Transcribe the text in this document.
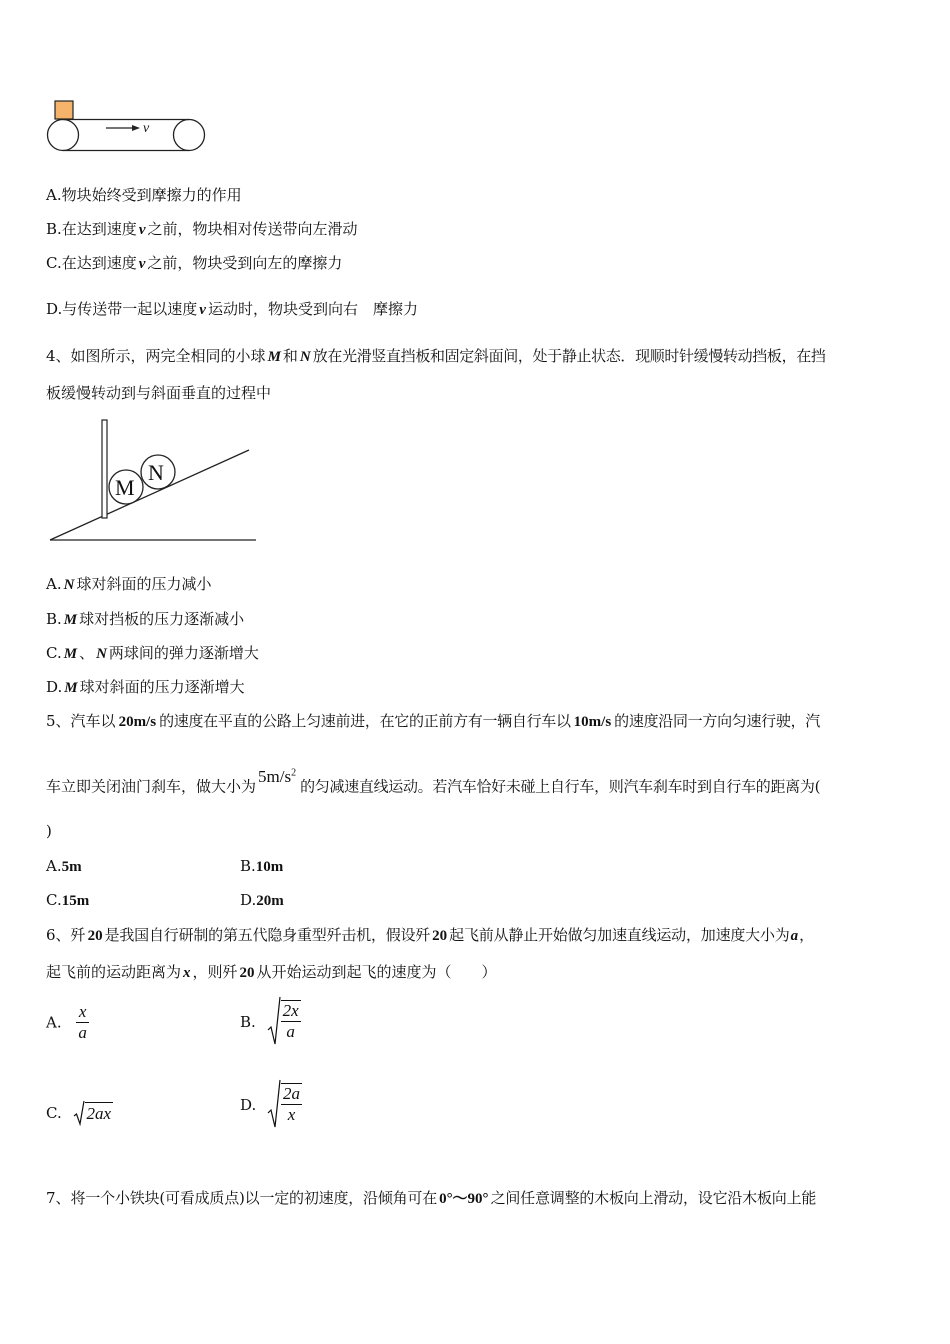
v
A.物块始终受到摩擦力的作用
B.在达到速度 v 之前，物块相对传送带向左滑动
C.在达到速度 v 之前，物块受到向左的摩擦力
D.与传送带一起以速度 v 运动时，物块受到向右　摩擦力
4、如图所示，两完全相同的小球 M 和 N 放在光滑竖直挡板和固定斜面间，处于静止状态．现顺时针缓慢转动挡板，在挡
板缓慢转动到与斜面垂直的过程中
M
N
A. N 球对斜面的压力减小
B. M 球对挡板的压力逐渐减小
C. M 、 N 两球间的弹力逐渐增大
D. M 球对斜面的压力逐渐增大
5、汽车以 20m/s 的速度在平直的公路上匀速前进，在它的正前方有一辆自行车以 10m/s 的速度沿同一方向匀速行驶，汽
车立即关闭油门刹车，做大小为$5m/s^2$的匀减速直线运动。若汽车恰好未碰上自行车，则汽车刹车时到自行车的距离为(
)
A.5m	B.10m
C.15m	D.20m
6、歼 20 是我国自行研制的第五代隐身重型歼击机，假设歼 20 起飞前从静止开始做匀加速直线运动，加速度大小为a，
起飞前的运动距离为 x ，则歼 20 从开始运动到起飞的速度为（　　）
A. $\frac{x}{a}$	B. $\frac{2x}{a}$
C. 2ax	D. $\frac{2a}{x}$
7、将一个小铁块(可看成质点)以一定的初速度，沿倾角可在 0°～90° 之间任意调整的木板向上滑动，设它沿木板向上能
